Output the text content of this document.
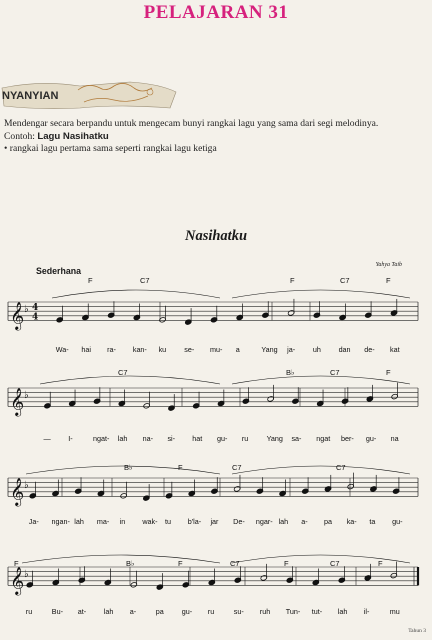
PELAJARAN 31
NYANYIAN

Mendengar secara berpandu untuk mengecam bunyi rangkai lagu yang sama dari segi melodinya.

Contoh: Lagu Nasihatku

• rangkai lagu pertama sama seperti rangkai lagu ketiga

Nasihatku
Sederhana
Yahya Taib
𝄞 ♭ 4
4
F	C7	F	C7	F
Wa- hai ra- kan- ku	se- mu- a	Yang ja- uh dan de- kat
𝄞 ♭
C7	B♭	C7	F
— I-	ngat- lah na- si- hat gu- ru	Yang sa- ngat ber- gu- na
𝄞 ♭
B♭	F	C7	C7
Ja- ngan- lah ma- in wak- tu b'la- jar De- ngar- lah a- pa ka- ta gu-
𝄞 ♭
F	B♭	F	C7	F	C7	F
ru	Bu- at- lah a-	pa	gu- ru	su- ruh Tun- tut- lah il-	mu
Tahun 3
